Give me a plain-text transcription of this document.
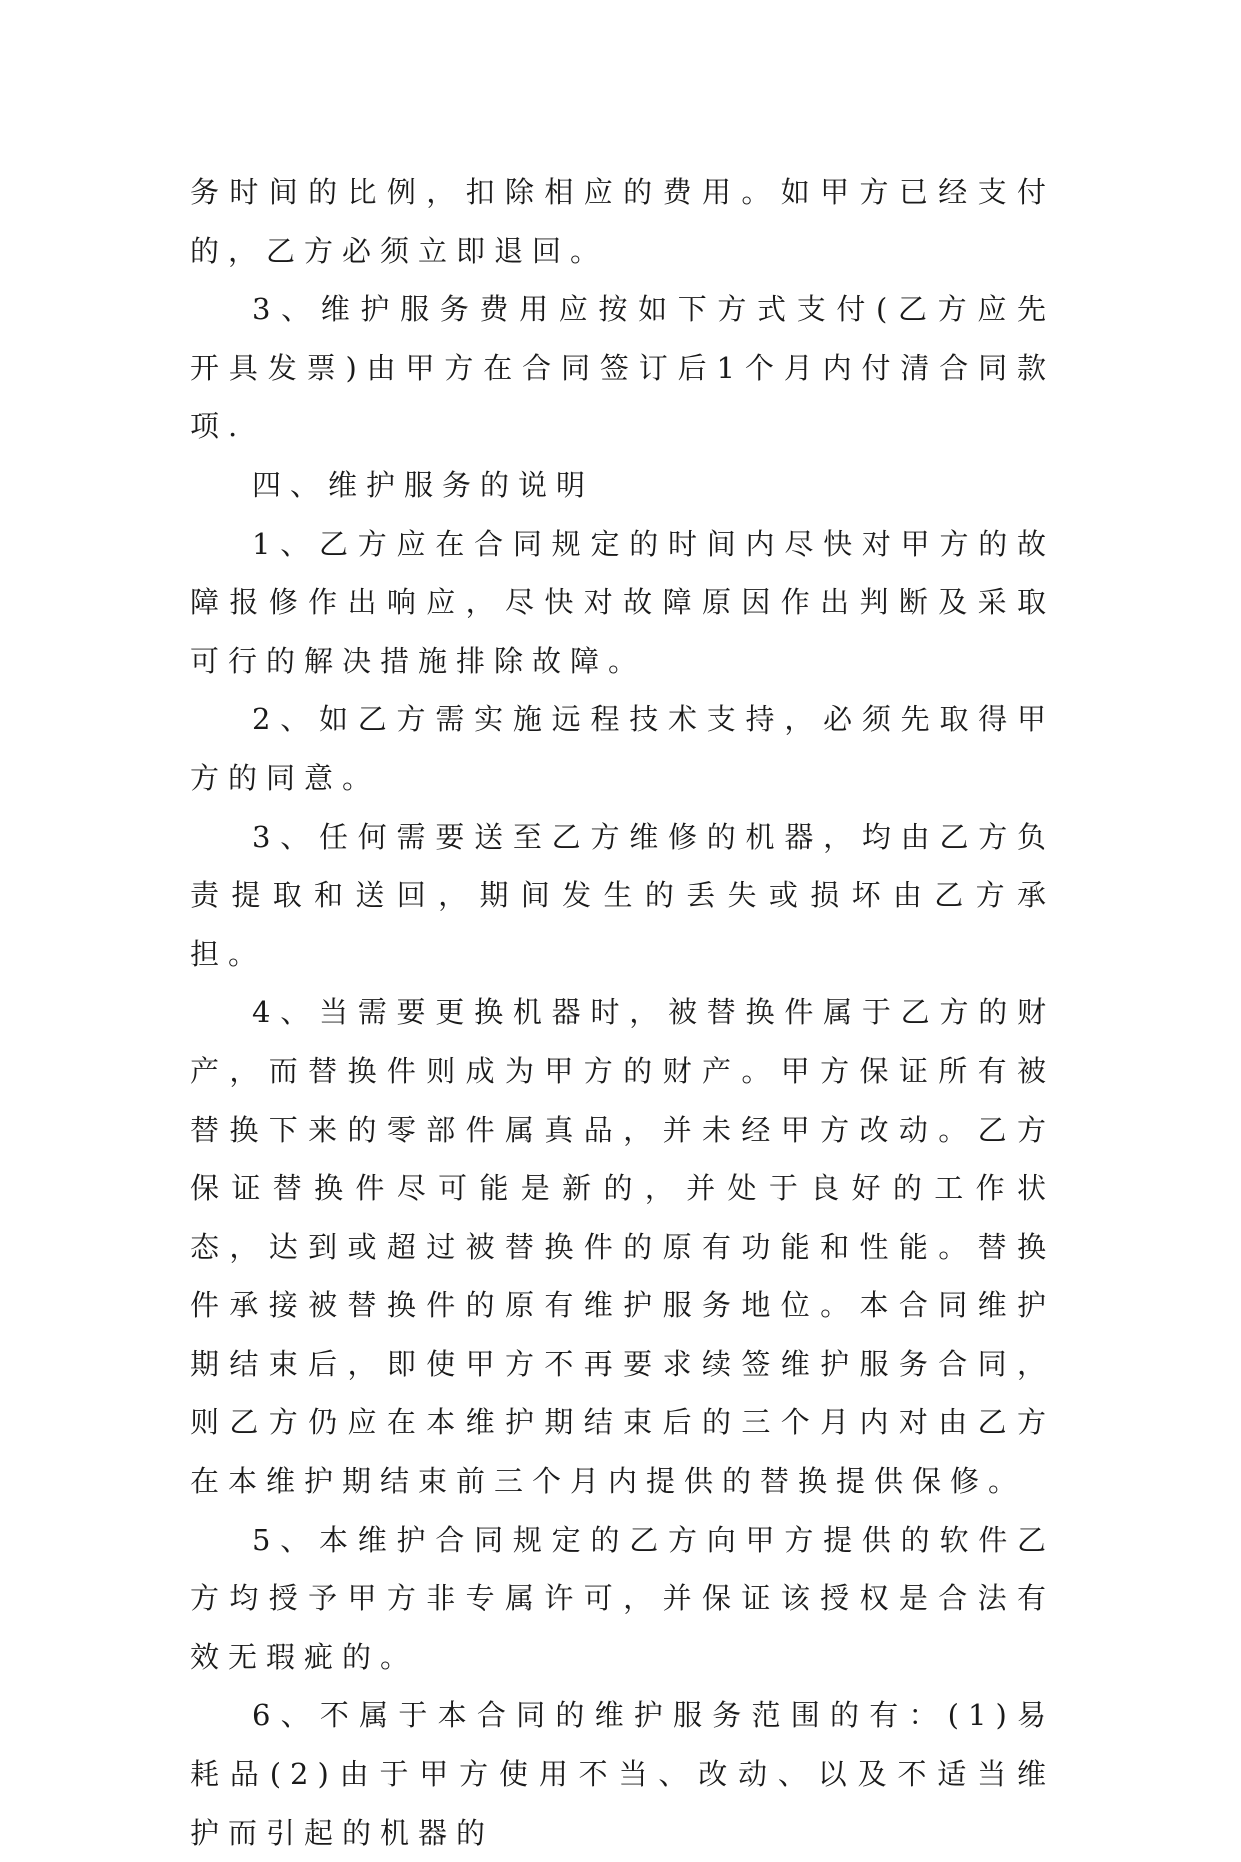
务时间的比例，扣除相应的费用。如甲方已经支付的，乙方必须立即退回。

3、维护服务费用应按如下方式支付(乙方应先开具发票)由甲方在合同签订后1个月内付清合同款项.

四、维护服务的说明

1、乙方应在合同规定的时间内尽快对甲方的故障报修作出响应，尽快对故障原因作出判断及采取可行的解决措施排除故障。

2、如乙方需实施远程技术支持，必须先取得甲方的同意。

3、任何需要送至乙方维修的机器，均由乙方负责提取和送回，期间发生的丢失或损坏由乙方承担。

4、当需要更换机器时，被替换件属于乙方的财产，而替换件则成为甲方的财产。甲方保证所有被替换下来的零部件属真品，并未经甲方改动。乙方保证替换件尽可能是新的，并处于良好的工作状态，达到或超过被替换件的原有功能和性能。替换件承接被替换件的原有维护服务地位。本合同维护期结束后，即使甲方不再要求续签维护服务合同，则乙方仍应在本维护期结束后的三个月内对由乙方在本维护期结束前三个月内提供的替换提供保修。

5、本维护合同规定的乙方向甲方提供的软件乙方均授予甲方非专属许可，并保证该授权是合法有效无瑕疵的。

6、不属于本合同的维护服务范围的有：(1)易耗品(2)由于甲方使用不当、改动、以及不适当维护而引起的机器的
